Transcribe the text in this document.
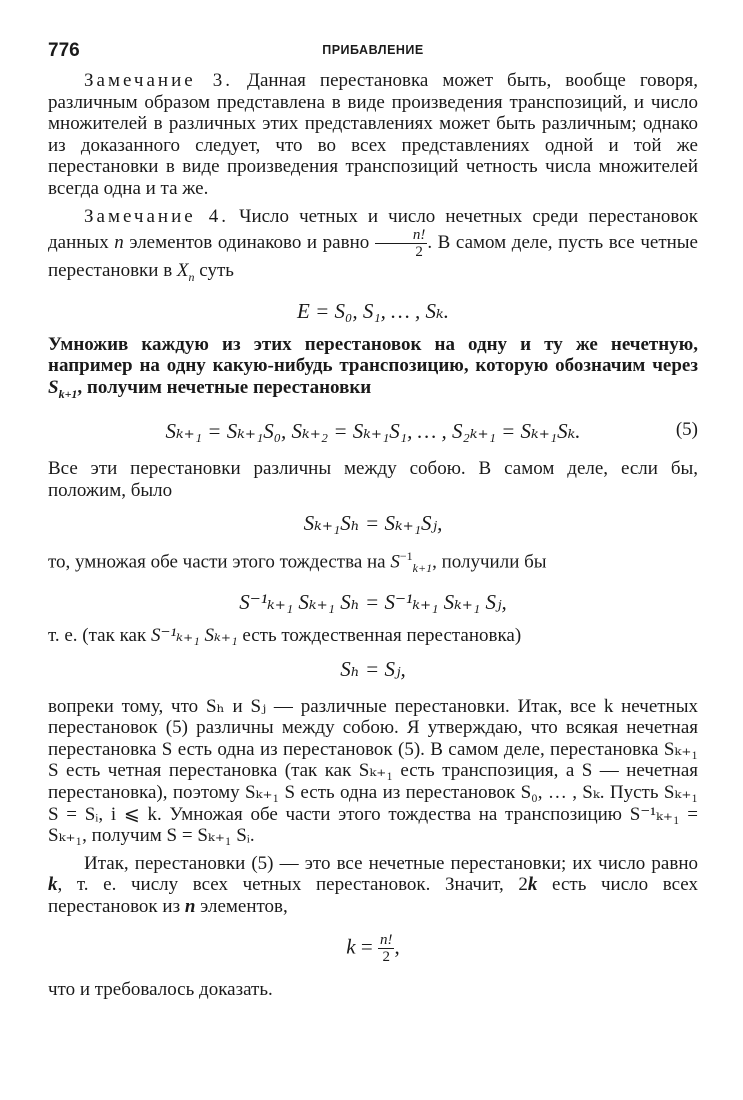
776	ПРИБАВЛЕНИЕ

Замечание 3. Данная перестановка может быть, вообще говоря, различным образом представлена в виде произведения транспозиций, и число множителей в различных этих представлениях может быть различным; однако из доказанного следует, что во всех представлениях одной и той же перестановки в виде произведения транспозиций четность числа множителей всегда одна и та же.

Замечание 4. Число четных и число нечетных среди перестановок данных n элементов одинаково и равно $\frac{n!}{2}$ . В самом деле, пусть все четные перестановки в $X_n$ суть

E = S₀, S₁, … , Sₖ.

Умножив каждую из этих перестановок на одну и ту же нечетную, например на одну какую-нибудь транспозицию, которую обозначим через $S_{k+1}$, получим нечетные перестановки

Sₖ₊₁ = Sₖ₊₁S₀, Sₖ₊₂ = Sₖ₊₁S₁, … , S₂ₖ₊₁ = Sₖ₊₁Sₖ.	(5)

Все эти перестановки различны между собою. В самом деле, если бы, положим, было

Sₖ₊₁Sₕ = Sₖ₊₁Sⱼ,

то, умножая обе части этого тождества на $S^{-1}_{k+1}$, получили бы

S⁻¹ₖ₊₁ Sₖ₊₁ Sₕ = S⁻¹ₖ₊₁ Sₖ₊₁ Sⱼ,

т. е. (так как S⁻¹ₖ₊₁ Sₖ₊₁ есть тождественная перестановка)

Sₕ = Sⱼ,

вопреки тому, что Sₕ и Sⱼ — различные перестановки. Итак, все k нечетных перестановок (5) различны между собою. Я утверждаю, что всякая нечетная перестановка S есть одна из перестановок (5). В самом деле, перестановка Sₖ₊₁ S есть четная перестановка (так как Sₖ₊₁ есть транспозиция, а S — нечетная перестановка), поэтому Sₖ₊₁ S есть одна из перестановок S₀, … , Sₖ. Пусть Sₖ₊₁ S = Sᵢ, i ⩽ k. Умножая обе части этого тождества на транспозицию S⁻¹ₖ₊₁ = Sₖ₊₁, получим S = Sₖ₊₁ Sᵢ.

Итак, перестановки (5) — это все нечетные перестановки; их число равно k, т. е. числу всех четных перестановок. Значит, 2k есть число всех перестановок из n элементов,

$k = \frac{n!}{2}$ ,

что и требовалось доказать.
